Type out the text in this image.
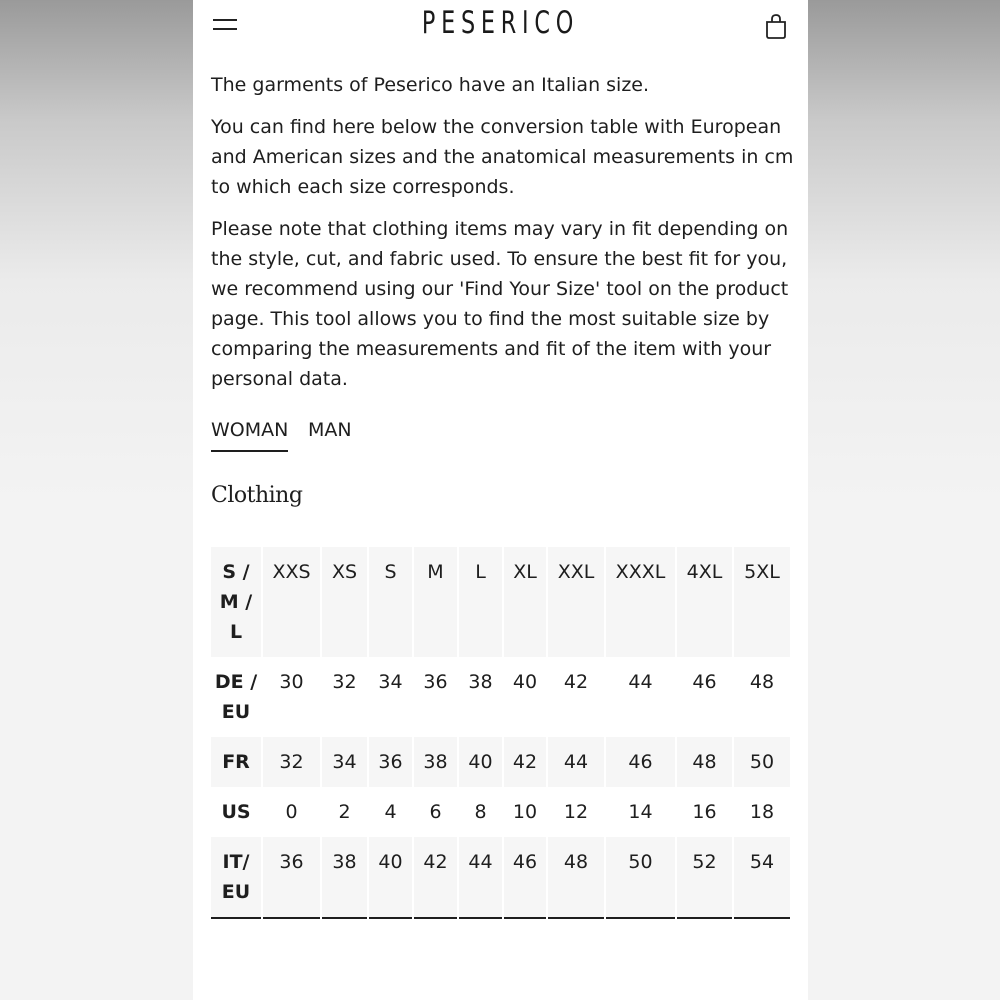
PESERICO

The garments of Peserico have an Italian size.

You can find here below the conversion table with European and American sizes and the anatomical measurements in cm to which each size corresponds.

Please note that clothing items may vary in fit depending on the style, cut, and fabric used. To ensure the best fit for you, we recommend using our 'Find Your Size' tool on the product page. This tool allows you to find the most suitable size by comparing the measurements and fit of the item with your personal data.

WOMAN MAN
Clothing
S / M / L	XXS	XS	S	M	L	XL	XXL	XXXL	4XL	5XL
DE / EU	30	32	34	36	38	40	42	44	46	48
FR	32	34	36	38	40	42	44	46	48	50
US	0	2	4	6	8	10	12	14	16	18
IT/ EU	36	38	40	42	44	46	48	50	52	54
